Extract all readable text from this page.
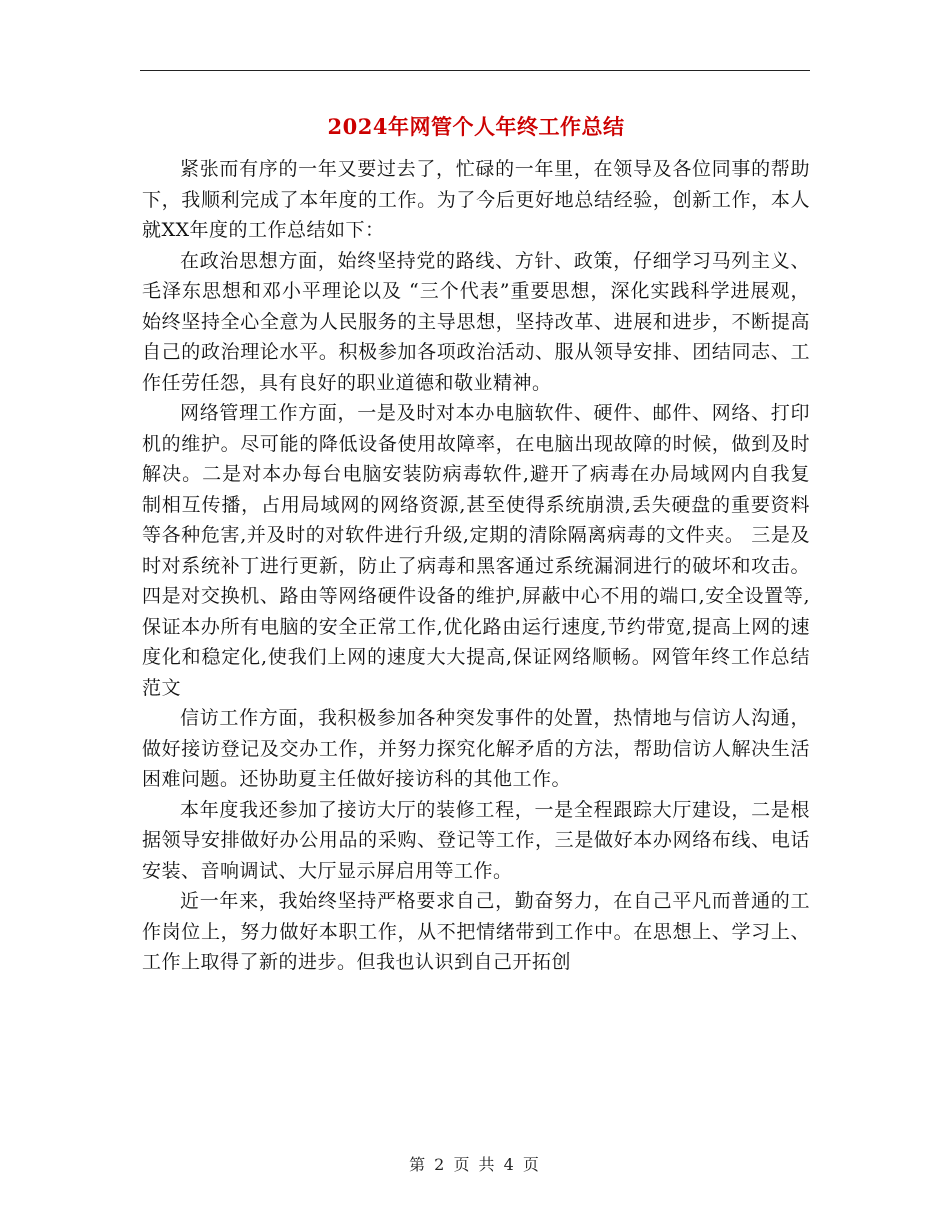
2024年网管个人年终工作总结

紧张而有序的一年又要过去了，忙碌的一年里，在领导及各位同事的帮助下，我顺利完成了本年度的工作。为了今后更好地总结经验，创新工作，本人就XX年度的工作总结如下：

在政治思想方面，始终坚持党的路线、方针、政策，仔细学习马列主义、毛泽东思想和邓小平理论以及 “三个代表”重要思想，深化实践科学进展观，始终坚持全心全意为人民服务的主导思想，坚持改革、进展和进步，不断提高自己的政治理论水平。积极参加各项政治活动、服从领导安排、团结同志、工作任劳任怨，具有良好的职业道德和敬业精神。

网络管理工作方面，一是及时对本办电脑软件、硬件、邮件、网络、打印机的维护。尽可能的降低设备使用故障率，在电脑出现故障的时候，做到及时解决。二是对本办每台电脑安装防病毒软件,避开了病毒在办局域网内自我复制相互传播，占用局域网的网络资源,甚至使得系统崩溃,丢失硬盘的重要资料等各种危害,并及时的对软件进行升级,定期的清除隔离病毒的文件夹。 三是及时对系统补丁进行更新，防止了病毒和黑客通过系统漏洞进行的破坏和攻击。四是对交换机、路由等网络硬件设备的维护,屏蔽中心不用的端口,安全设置等,保证本办所有电脑的安全正常工作,优化路由运行速度,节约带宽,提高上网的速度化和稳定化,使我们上网的速度大大提高,保证网络顺畅。网管年终工作总结范文

信访工作方面，我积极参加各种突发事件的处置，热情地与信访人沟通，做好接访登记及交办工作，并努力探究化解矛盾的方法，帮助信访人解决生活困难问题。还协助夏主任做好接访科的其他工作。

本年度我还参加了接访大厅的装修工程，一是全程跟踪大厅建设，二是根据领导安排做好办公用品的采购、登记等工作，三是做好本办网络布线、电话安装、音响调试、大厅显示屏启用等工作。

近一年来，我始终坚持严格要求自己，勤奋努力，在自己平凡而普通的工作岗位上，努力做好本职工作，从不把情绪带到工作中。在思想上、学习上、工作上取得了新的进步。但我也认识到自己开拓创

第 2 页 共 4 页
